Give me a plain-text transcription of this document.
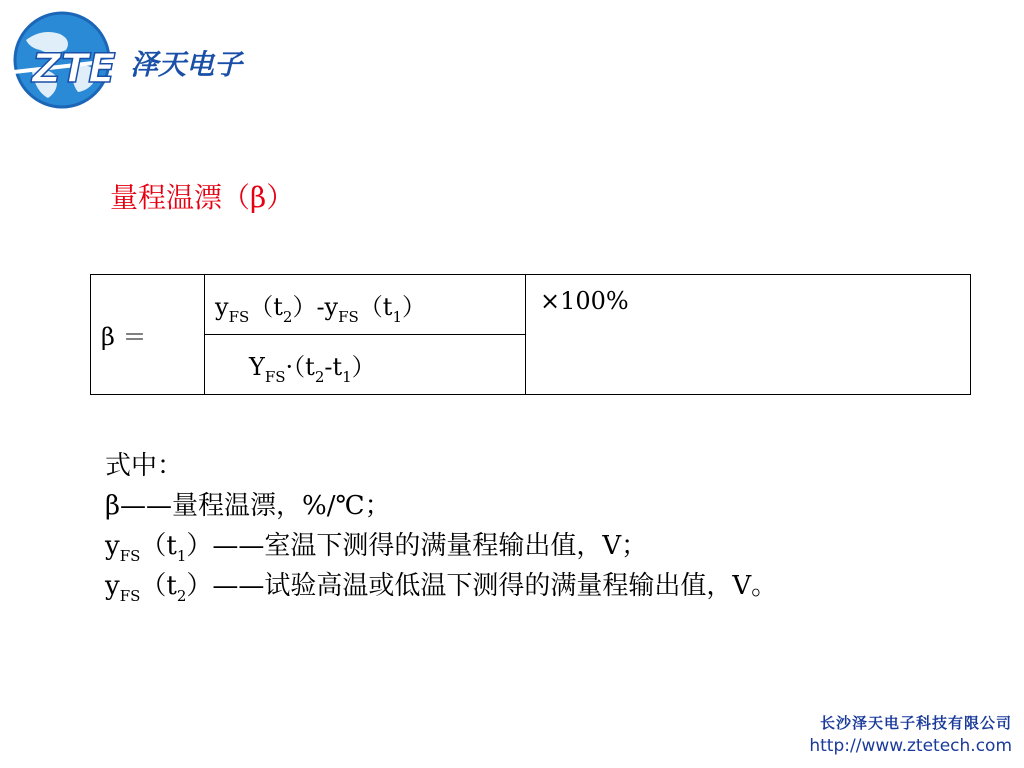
ZTE 泽天电子
量程温漂（β）
β ＝	$y_{FS}(t_2)-y_{FS}(t_1)$	×100%
$Y_{FS}\cdot(t_2-t_1)$
式中：
β——量程温漂，%/℃；
$y_{FS}(t_1)——$室温下测得的满量程输出值，V；
$y_{FS}(t_2)——$试验高温或低温下测得的满量程输出值，V。
长沙泽天电子科技有限公司
http://www.ztetech.com
